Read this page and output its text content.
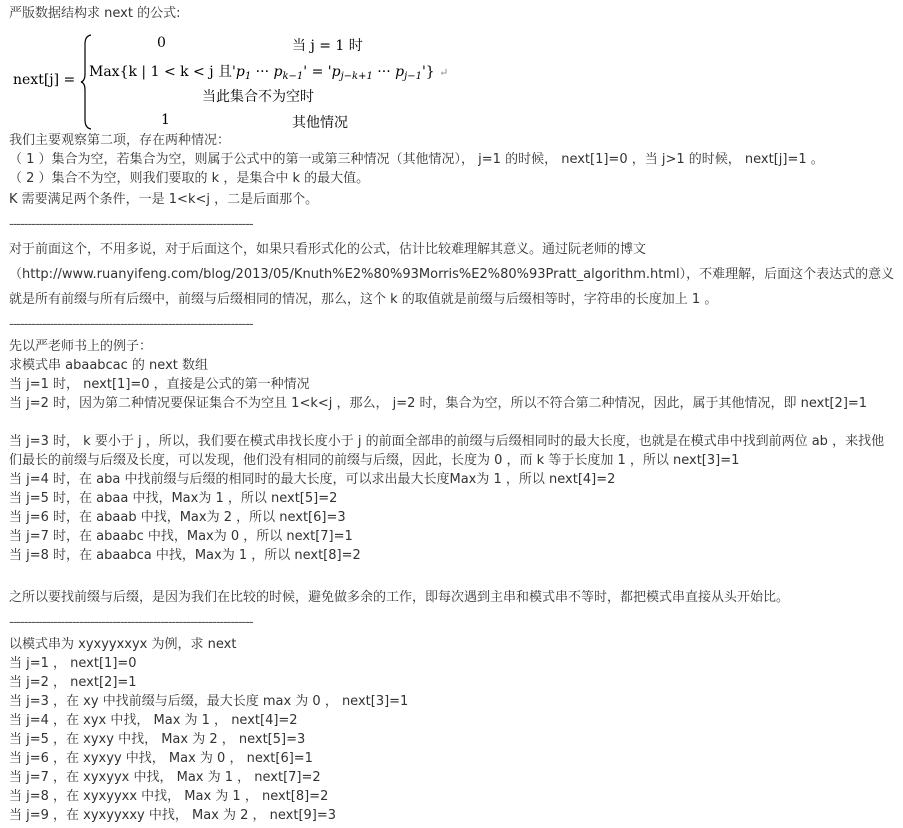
严版数据结构求 next 的公式:
next[j] =
0	当 j = 1 时
Max{k | 1 < k < j 且'$p_1$ ··· $p_{k-1}'$ = '$p_{j-k+1}$ ··· $p_{j-1}'$} ↵
当此集合不为空时
1	其他情况
我们主要观察第二项，存在两种情况：
（ 1 ）集合为空，若集合为空，则属于公式中的第一或第三种情况（其他情况）， j=1 的时候， next[1]=0 ，当 j>1 的时候， next[j]=1 。
（ 2 ）集合不为空，则我们要取的 k ，是集合中 k 的最大值。
K 需要满足两个条件，一是 1<k<j ，二是后面那个。
------------------------------------------------------------------
对于前面这个，不用多说，对于后面这个，如果只看形式化的公式，估计比较难理解其意义。通过阮老师的博文
（http://www.ruanyifeng.com/blog/2013/05/Knuth%E2%80%93Morris%E2%80%93Pratt_algorithm.html），不难理解，后面这个表达式的意义
就是所有前缀与所有后缀中，前缀与后缀相同的情况，那么，这个 k 的取值就是前缀与后缀相等时，字符串的长度加上 1 。
------------------------------------------------------------------
先以严老师书上的例子：
求模式串 abaabcac 的 next 数组
当 j=1 时， next[1]=0 ，直接是公式的第一种情况
当 j=2 时，因为第二种情况要保证集合不为空且 1<k<j ，那么， j=2 时，集合为空，所以不符合第二种情况，因此，属于其他情况，即 next[2]=1
当 j=3 时， k 要小于 j ，所以，我们要在模式串找长度小于 j 的前面全部串的前缀与后缀相同时的最大长度，也就是在模式串中找到前两位 ab ，来找他们最长的前缀与后缀及长度，可以发现，他们没有相同的前缀与后缀，因此，长度为 0 ，而 k 等于长度加 1 ，所以 next[3]=1
当 j=4 时，在 aba 中找前缀与后缀的相同时的最大长度，可以求出最大长度Max为 1 ，所以 next[4]=2
当 j=5 时，在 abaa 中找，Max为 1 ，所以 next[5]=2
当 j=6 时，在 abaab 中找，Max为 2 ，所以 next[6]=3
当 j=7 时，在 abaabc 中找，Max为 0 ，所以 next[7]=1
当 j=8 时，在 abaabca 中找，Max为 1 ，所以 next[8]=2
之所以要找前缀与后缀，是因为我们在比较的时候，避免做多余的工作，即每次遇到主串和模式串不等时，都把模式串直接从头开始比。
------------------------------------------------------------------
以模式串为 xyxyyxxyx 为例，求 next
当 j=1 ， next[1]=0
当 j=2 ， next[2]=1
当 j=3 ，在 xy 中找前缀与后缀，最大长度 max 为 0 ， next[3]=1
当 j=4 ，在 xyx 中找， Max 为 1 ， next[4]=2
当 j=5 ，在 xyxy 中找， Max 为 2 ， next[5]=3
当 j=6 ，在 xyxyy 中找， Max 为 0 ， next[6]=1
当 j=7 ，在 xyxyyx 中找， Max 为 1 ， next[7]=2
当 j=8 ，在 xyxyyxx 中找， Max 为 1 ， next[8]=2
当 j=9 ，在 xyxyyxxy 中找， Max 为 2 ， next[9]=3
